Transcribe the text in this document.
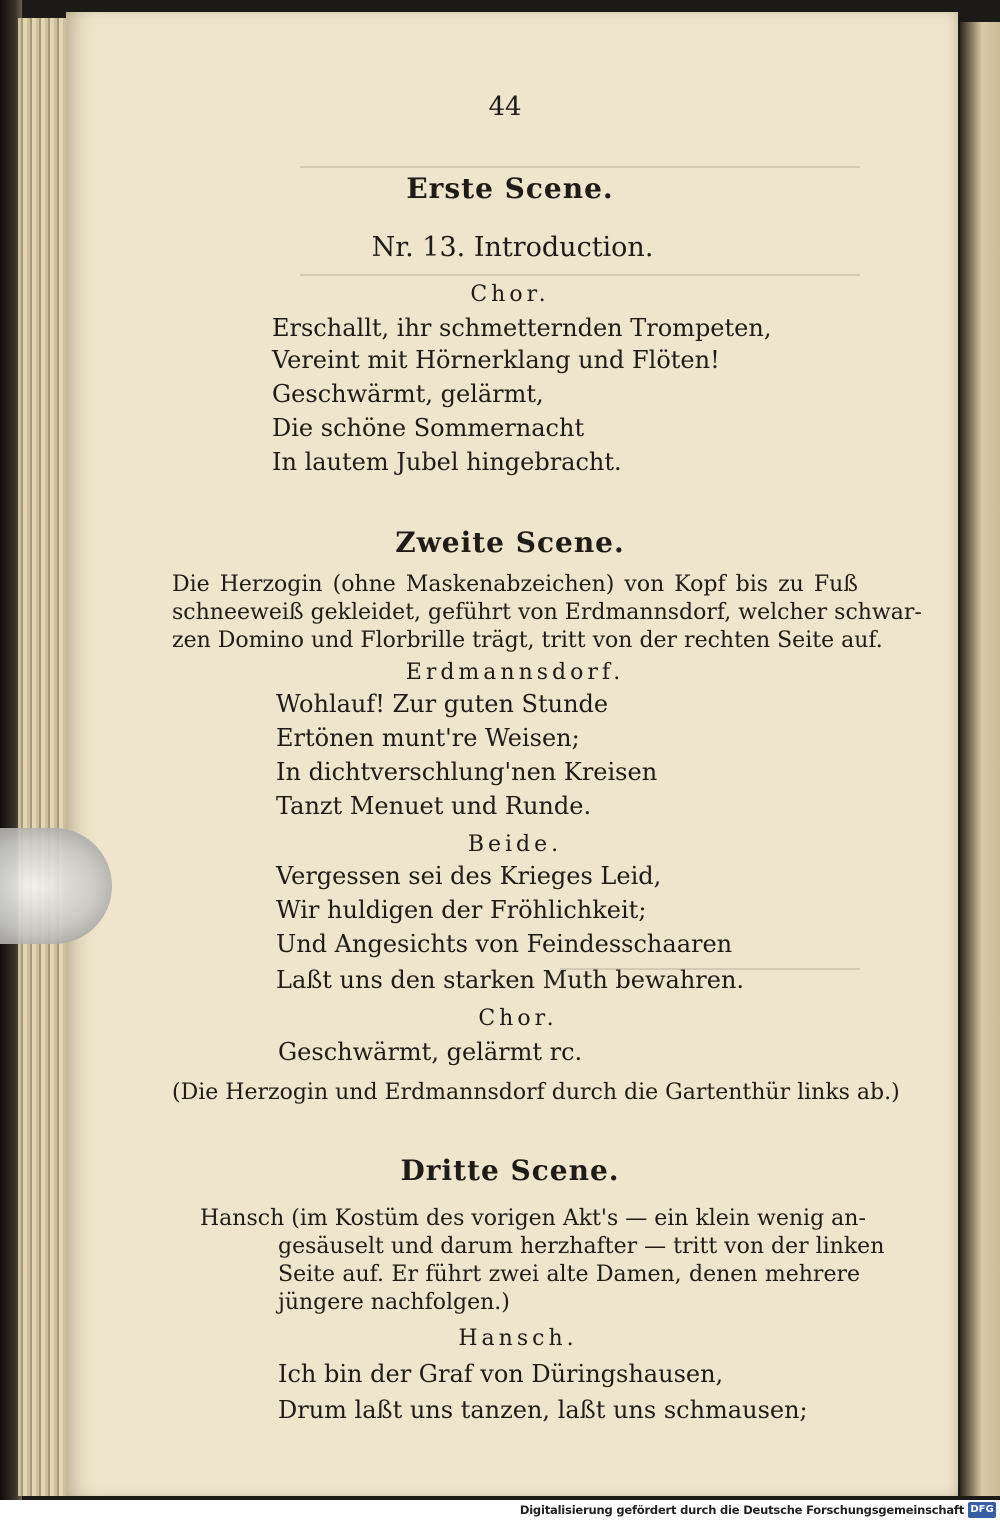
44
Erste Scene.
Nr. 13. Introduction.
Chor.
Erschallt, ihr schmetternden Trompeten,
Vereint mit Hörnerklang und Flöten!
Geschwärmt, gelärmt,
Die schöne Sommernacht
In lautem Jubel hingebracht.
Zweite Scene.
Die Herzogin (ohne Maskenabzeichen) von Kopf bis zu Fuß
schneeweiß gekleidet, geführt von Erdmannsdorf, welcher schwar-
zen Domino und Florbrille trägt, tritt von der rechten Seite auf.
Erdmannsdorf.
Wohlauf! Zur guten Stunde
Ertönen munt're Weisen;
In dichtverschlung'nen Kreisen
Tanzt Menuet und Runde.
Beide.
Vergessen sei des Krieges Leid,
Wir huldigen der Fröhlichkeit;
Und Angesichts von Feindesschaaren
Laßt uns den starken Muth bewahren.
Chor.
Geschwärmt, gelärmt rc.
(Die Herzogin und Erdmannsdorf durch die Gartenthür links ab.)
Dritte Scene.
Hansch (im Kostüm des vorigen Akt's — ein klein wenig an-
gesäuselt und darum herzhafter — tritt von der linken
Seite auf. Er führt zwei alte Damen, denen mehrere
jüngere nachfolgen.)
Hansch.
Ich bin der Graf von Düringshausen,
Drum laßt uns tanzen, laßt uns schmausen;
Digitalisierung gefördert durch die Deutsche Forschungsgemeinschaft DFG
